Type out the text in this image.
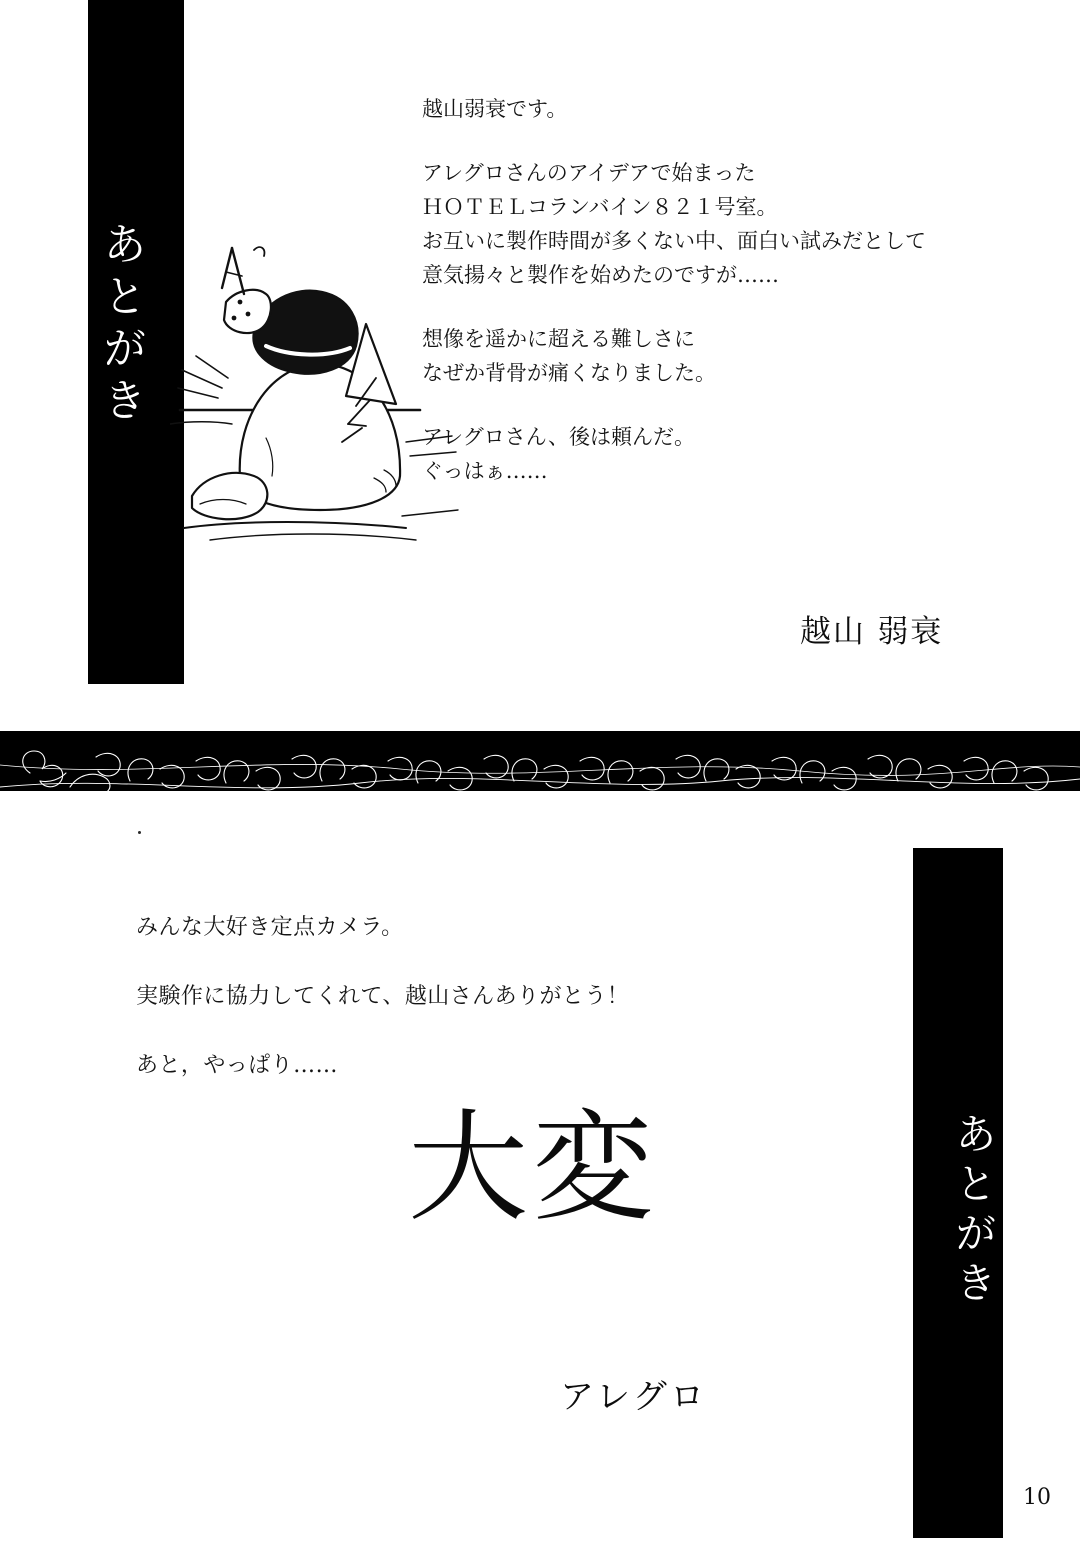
あとがき

越山弱衰です。

アレグロさんのアイデアで始まった
ＨＯＴＥＬコランバイン８２１号室。
お互いに製作時間が多くない中、面白い試みだとして
意気揚々と製作を始めたのですが……

想像を遥かに超える難しさに
なぜか背骨が痛くなりました。

アレグロさん、後は頼んだ。
ぐっはぁ……

越山 弱衰
あとがき

みんな大好き定点カメラ。

実験作に協力してくれて、越山さんありがとう！

あと，やっぱり……

大変
アレグロ
10
